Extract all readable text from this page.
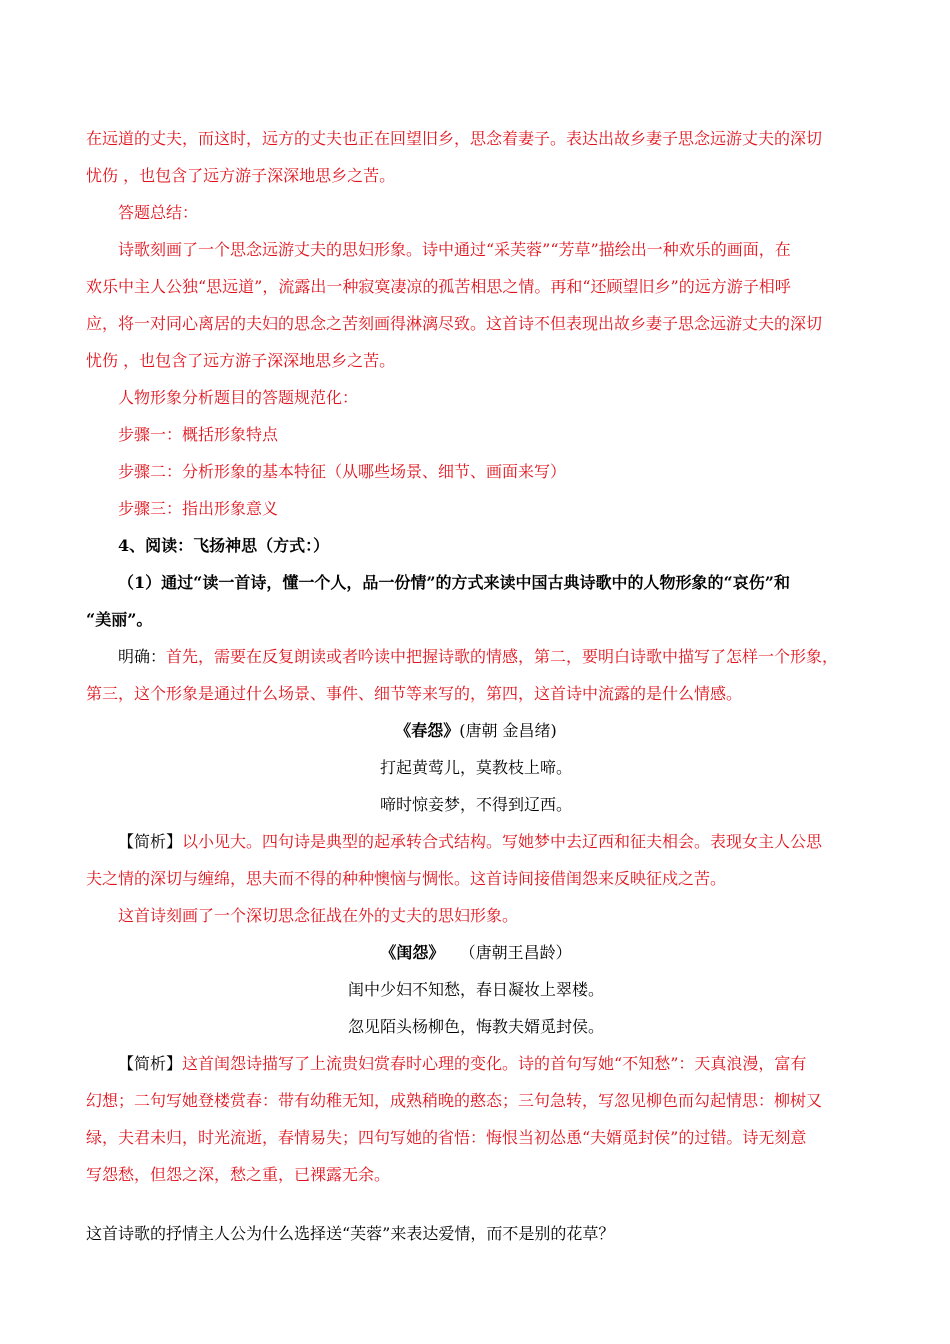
在远道的丈夫，而这时，远方的丈夫也正在回望旧乡，思念着妻子。表达出故乡妻子思念远游丈夫的深切
忧伤 ，也包含了远方游子深深地思乡之苦。
答题总结：
诗歌刻画了一个思念远游丈夫的思妇形象。诗中通过“采芙蓉”“芳草”描绘出一种欢乐的画面，在
欢乐中主人公独“思远道”，流露出一种寂寞凄凉的孤苦相思之情。再和“还顾望旧乡”的远方游子相呼
应，将一对同心离居的夫妇的思念之苦刻画得淋漓尽致。这首诗不但表现出故乡妻子思念远游丈夫的深切
忧伤 ，也包含了远方游子深深地思乡之苦。
人物形象分析题目的答题规范化：
步骤一：概括形象特点
步骤二：分析形象的基本特征（从哪些场景、细节、画面来写）
步骤三：指出形象意义
4、阅读：飞扬神思（方式：）
（1）通过“读一首诗，懂一个人，品一份情”的方式来读中国古典诗歌中的人物形象的“哀伤”和
“美丽”。
明确：首先，需要在反复朗读或者吟读中把握诗歌的情感，第二，要明白诗歌中描写了怎样一个形象，
第三，这个形象是通过什么场景、事件、细节等来写的，第四，这首诗中流露的是什么情感。
《春怨》(唐朝 金昌绪)
打起黄莺儿，莫教枝上啼。
啼时惊妾梦，不得到辽西。
【简析】以小见大。四句诗是典型的起承转合式结构。写她梦中去辽西和征夫相会。表现女主人公思
夫之情的深切与缠绵，思夫而不得的种种懊恼与惆怅。这首诗间接借闺怨来反映征戍之苦。
这首诗刻画了一个深切思念征战在外的丈夫的思妇形象。
《闺怨》 （唐朝王昌龄）
闺中少妇不知愁，春日凝妆上翠楼。
忽见陌头杨柳色，悔教夫婿觅封侯。
【简析】这首闺怨诗描写了上流贵妇赏春时心理的变化。诗的首句写她“不知愁”：天真浪漫，富有
幻想；二句写她登楼赏春：带有幼稚无知，成熟稍晚的憨态；三句急转，写忽见柳色而勾起情思：柳树又
绿，夫君未归，时光流逝，春情易失；四句写她的省悟：悔恨当初怂恿“夫婿觅封侯”的过错。诗无刻意
写怨愁，但怨之深，愁之重，已裸露无余。
这首诗歌的抒情主人公为什么选择送“芙蓉”来表达爱情，而不是别的花草？
